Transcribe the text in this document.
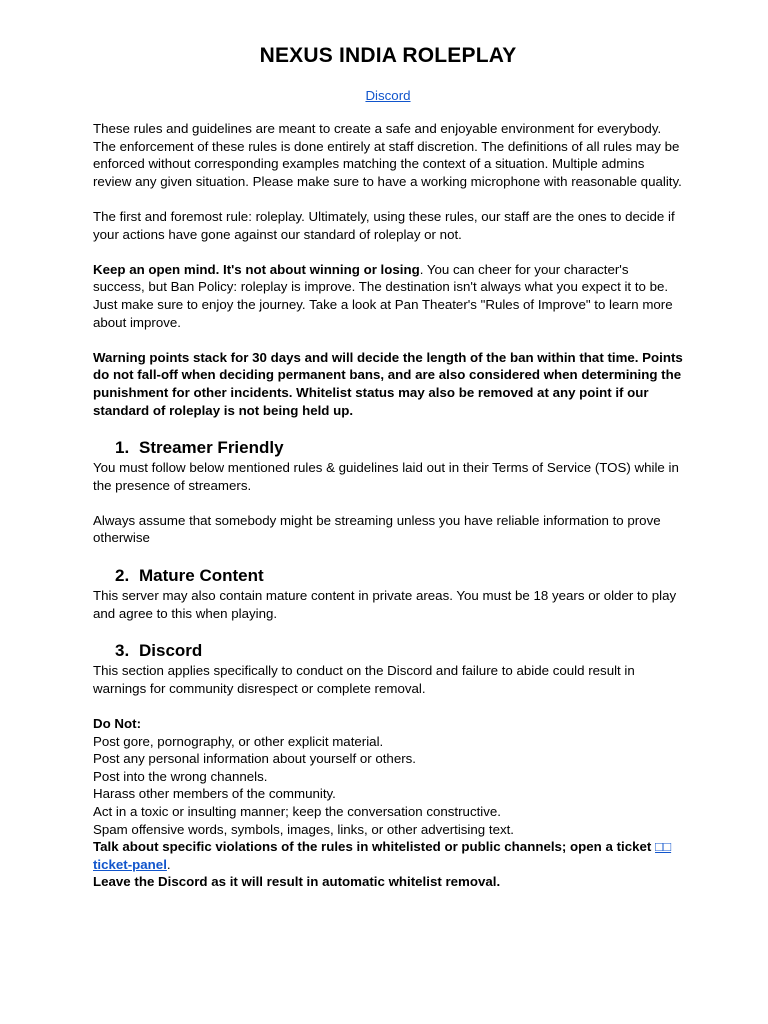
NEXUS INDIA ROLEPLAY
Discord

These rules and guidelines are meant to create a safe and enjoyable environment for everybody. The enforcement of these rules is done entirely at staff discretion. The definitions of all rules may be enforced without corresponding examples matching the context of a situation. Multiple admins review any given situation. Please make sure to have a working microphone with reasonable quality.

The first and foremost rule: roleplay. Ultimately, using these rules, our staff are the ones to decide if your actions have gone against our standard of roleplay or not.

Keep an open mind. It's not about winning or losing. You can cheer for your character's success, but Ban Policy: roleplay is improve. The destination isn't always what you expect it to be. Just make sure to enjoy the journey. Take a look at Pan Theater's "Rules of Improve" to learn more about improve.

Warning points stack for 30 days and will decide the length of the ban within that time. Points do not fall-off when deciding permanent bans, and are also considered when determining the punishment for other incidents. Whitelist status may also be removed at any point if our standard of roleplay is not being held up.

1. Streamer Friendly

You must follow below mentioned rules & guidelines laid out in their Terms of Service (TOS) while in the presence of streamers.

Always assume that somebody might be streaming unless you have reliable information to prove otherwise

2. Mature Content

This server may also contain mature content in private areas. You must be 18 years or older to play and agree to this when playing.

3. Discord

This section applies specifically to conduct on the Discord and failure to abide could result in warnings for community disrespect or complete removal.

Do Not:

Post gore, pornography, or other explicit material.

Post any personal information about yourself or others.

Post into the wrong channels.

Harass other members of the community.

Act in a toxic or insulting manner; keep the conversation constructive.

Spam offensive words, symbols, images, links, or other advertising text.

Talk about specific violations of the rules in whitelisted or public channels; open a ticket □□ ticket-panel.

Leave the Discord as it will result in automatic whitelist removal.
